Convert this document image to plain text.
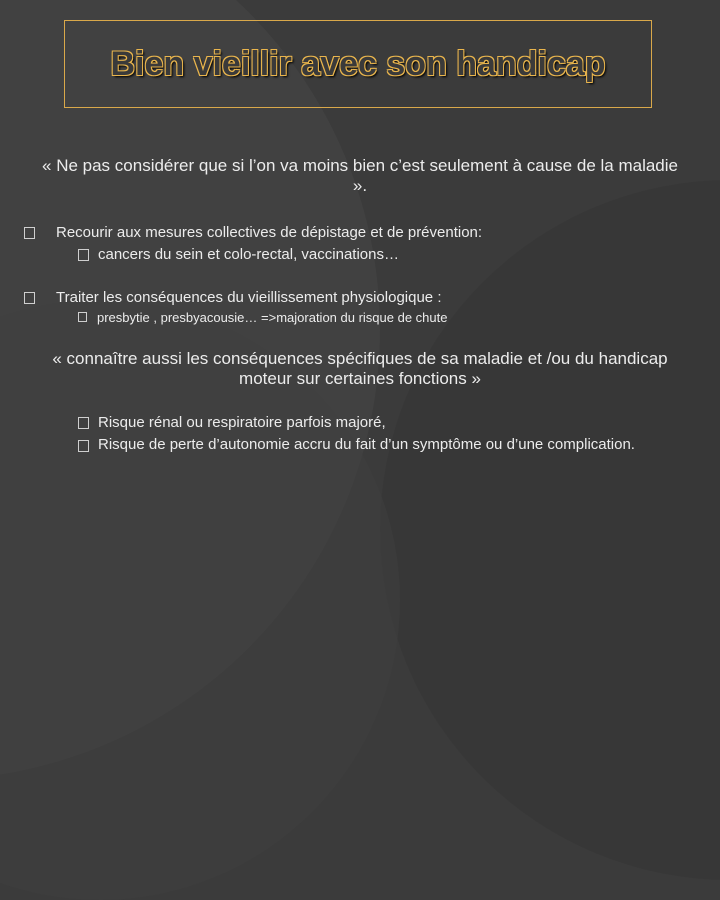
Bien vieillir avec son handicap
« Ne pas considérer que si l’on va moins bien c’est seulement à cause de la maladie ».
Recourir aux mesures collectives de dépistage et de prévention:
cancers du sein et colo-rectal, vaccinations…
Traiter les conséquences du vieillissement physiologique :
presbytie , presbyacousie… =>majoration du risque de chute
« connaître aussi les conséquences spécifiques de sa maladie et /ou du handicap moteur sur certaines fonctions »
Risque rénal ou respiratoire parfois majoré,
Risque de perte d’autonomie accru du fait d’un symptôme ou d’une complication.
